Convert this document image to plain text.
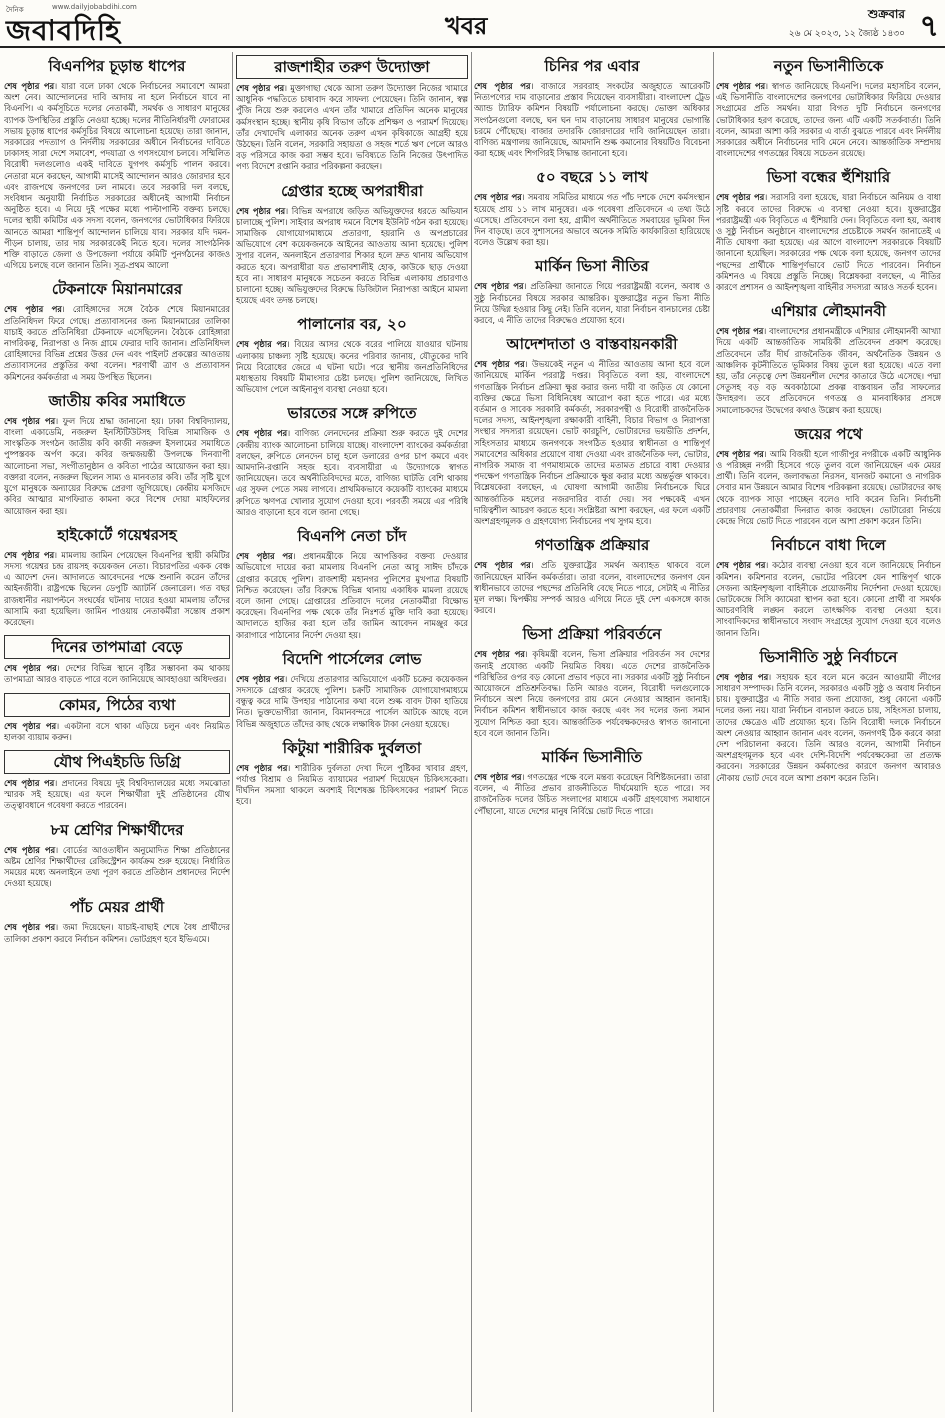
দৈনিক
জবাবদিহি
www.dailyjobabdihi.com
খবর	শুক্রবার
২৬ মে ২০২৩, ১২ জ্যৈষ্ঠ ১৪৩০ ৭
বিএনপির চূড়ান্ত ধাপের

শেষ পৃষ্ঠার পর। যারা বলে ঢাকা থেকে নির্বাচনের সমাবেশে আমরা অংশ নেব। আন্দোলনের দাবি আদায় না হলে নির্বাচনে যাবে না বিএনপি। এ কর্মসূচিতে দলের নেতাকর্মী, সমর্থক ও সাধারণ মানুষের ব্যাপক উপস্থিতির প্রস্তুতি নেওয়া হচ্ছে। দলের নীতিনির্ধারণী ফোরামের সভায় চূড়ান্ত ধাপের কর্মসূচির বিষয়ে আলোচনা হয়েছে। তারা জানান, সরকারের পদত্যাগ ও নির্দলীয় সরকারের অধীনে নির্বাচনের দাবিতে ঢাকাসহ সারা দেশে সমাবেশ, পদযাত্রা ও গণসংযোগ চলবে। সম্মিলিত বিরোধী দলগুলোও একই দাবিতে যুগপৎ কর্মসূচি পালন করবে। নেতারা মনে করছেন, আগামী মাসেই আন্দোলন আরও জোরদার হবে এবং রাজপথে জনগণের ঢল নামবে। তবে সরকারি দল বলছে, সংবিধান অনুযায়ী নির্বাচিত সরকারের অধীনেই আগামী নির্বাচন অনুষ্ঠিত হবে। এ নিয়ে দুই পক্ষের মধ্যে পাল্টাপাল্টি বক্তব্য চলছে। দলের স্থায়ী কমিটির এক সদস্য বলেন, জনগণের ভোটাধিকার ফিরিয়ে আনতে আমরা শান্তিপূর্ণ আন্দোলন চালিয়ে যাব। সরকার যদি দমন-পীড়ন চালায়, তার দায় সরকারকেই নিতে হবে। দলের সাংগঠনিক শক্তি বাড়াতে জেলা ও উপজেলা পর্যায়ে কমিটি পুনর্গঠনের কাজও এগিয়ে চলছে বলে জানান তিনি। সূত্র-প্রথম আলো

টেকনাফে মিয়ানমারের

শেষ পৃষ্ঠার পর। রোহিঙ্গাদের সঙ্গে বৈঠক শেষে মিয়ানমারের প্রতিনিধিদল ফিরে গেছে। প্রত্যাবাসনের জন্য মিয়ানমারের তালিকা যাচাই করতে প্রতিনিধিরা টেকনাফে এসেছিলেন। বৈঠকে রোহিঙ্গারা নাগরিকত্ব, নিরাপত্তা ও নিজ গ্রামে ফেরার দাবি জানান। প্রতিনিধিদল রোহিঙ্গাদের বিভিন্ন প্রশ্নের উত্তর দেন এবং পাইলট প্রকল্পের আওতায় প্রত্যাবাসনের প্রস্তুতির কথা বলেন। শরণার্থী ত্রাণ ও প্রত্যাবাসন কমিশনের কর্মকর্তারা এ সময় উপস্থিত ছিলেন।

জাতীয় কবির সমাধিতে

শেষ পৃষ্ঠার পর। ফুল দিয়ে শ্রদ্ধা জানানো হয়। ঢাকা বিশ্ববিদ্যালয়, বাংলা একাডেমি, নজরুল ইনস্টিটিউটসহ বিভিন্ন সামাজিক ও সাংস্কৃতিক সংগঠন জাতীয় কবি কাজী নজরুল ইসলামের সমাধিতে পুষ্পস্তবক অর্পণ করে। কবির জন্মজয়ন্তী উপলক্ষে দিনব্যাপী আলোচনা সভা, সংগীতানুষ্ঠান ও কবিতা পাঠের আয়োজন করা হয়। বক্তারা বলেন, নজরুল ছিলেন সাম্য ও মানবতার কবি। তাঁর সৃষ্টি যুগে যুগে মানুষকে অন্যায়ের বিরুদ্ধে প্রেরণা জুগিয়েছে। কেন্দ্রীয় মসজিদে কবির আত্মার মাগফিরাত কামনা করে বিশেষ দোয়া মাহফিলের আয়োজন করা হয়।

হাইকোর্টে গয়েশ্বরসহ

শেষ পৃষ্ঠার পর। মামলায় জামিন পেয়েছেন বিএনপির স্থায়ী কমিটির সদস্য গয়েশ্বর চন্দ্র রায়সহ কয়েকজন নেতা। বিচারপতির একক বেঞ্চ এ আদেশ দেন। আদালতে আবেদনের পক্ষে শুনানি করেন তাঁদের আইনজীবী। রাষ্ট্রপক্ষে ছিলেন ডেপুটি অ্যাটর্নি জেনারেল। গত বছর রাজধানীর নয়াপল্টনে সংঘর্ষের ঘটনায় দায়ের হওয়া মামলায় তাঁদের আসামি করা হয়েছিল। জামিন পাওয়ায় নেতাকর্মীরা সন্তোষ প্রকাশ করেছেন।

দিনের তাপমাত্রা বেড়ে

শেষ পৃষ্ঠার পর। দেশের বিভিন্ন স্থানে বৃষ্টির সম্ভাবনা কম থাকায় তাপমাত্রা আরও বাড়তে পারে বলে জানিয়েছে আবহাওয়া অধিদপ্তর।

কোমর, পিঠের ব্যথা

শেষ পৃষ্ঠার পর। একটানা বসে থাকা এড়িয়ে চলুন এবং নিয়মিত হালকা ব্যায়াম করুন।

যৌথ পিএইচডি ডিগ্রি

শেষ পৃষ্ঠার পর। প্রদানের বিষয়ে দুই বিশ্ববিদ্যালয়ের মধ্যে সমঝোতা স্মারক সই হয়েছে। এর ফলে শিক্ষার্থীরা দুই প্রতিষ্ঠানের যৌথ তত্ত্বাবধানে গবেষণা করতে পারবেন।

৮ম শ্রেণির শিক্ষার্থীদের

শেষ পৃষ্ঠার পর। বোর্ডের আওতাধীন অনুমোদিত শিক্ষা প্রতিষ্ঠানের অষ্টম শ্রেণির শিক্ষার্থীদের রেজিস্ট্রেশন কার্যক্রম শুরু হয়েছে। নির্ধারিত সময়ের মধ্যে অনলাইনে তথ্য পূরণ করতে প্রতিষ্ঠান প্রধানদের নির্দেশ দেওয়া হয়েছে।

পাঁচ মেয়র প্রার্থী

শেষ পৃষ্ঠার পর। জমা দিয়েছেন। যাচাই-বাছাই শেষে বৈধ প্রার্থীদের তালিকা প্রকাশ করবে নির্বাচন কমিশন। ভোটগ্রহণ হবে ইভিএমে।

রাজশাহীর তরুণ উদ্যোক্তা

শেষ পৃষ্ঠার পর। মুক্তাগাছা থেকে আসা তরুণ উদ্যোক্তা নিজের খামারে আধুনিক পদ্ধতিতে চাষাবাদ করে সাফল্য পেয়েছেন। তিনি জানান, স্বল্প পুঁজি নিয়ে শুরু করলেও এখন তাঁর খামারে প্রতিদিন অনেক মানুষের কর্মসংস্থান হচ্ছে। স্থানীয় কৃষি বিভাগ তাঁকে প্রশিক্ষণ ও পরামর্শ দিয়েছে। তাঁর দেখাদেখি এলাকার অনেক তরুণ এখন কৃষিকাজে আগ্রহী হয়ে উঠছেন। তিনি বলেন, সরকারি সহায়তা ও সহজ শর্তে ঋণ পেলে আরও বড় পরিসরে কাজ করা সম্ভব হবে। ভবিষ্যতে তিনি নিজের উৎপাদিত পণ্য বিদেশে রপ্তানি করার পরিকল্পনা করছেন।

গ্রেপ্তার হচ্ছে অপরাধীরা

শেষ পৃষ্ঠার পর। বিভিন্ন অপরাধে জড়িত অভিযুক্তদের ধরতে অভিযান চালাচ্ছে পুলিশ। সাইবার অপরাধ দমনে বিশেষ ইউনিট গঠন করা হয়েছে। সামাজিক যোগাযোগমাধ্যমে প্রতারণা, হয়রানি ও অপপ্রচারের অভিযোগে বেশ কয়েকজনকে আইনের আওতায় আনা হয়েছে। পুলিশ সুপার বলেন, অনলাইনে প্রতারণার শিকার হলে দ্রুত থানায় অভিযোগ করতে হবে। অপরাধীরা যত প্রভাবশালীই হোক, কাউকে ছাড় দেওয়া হবে না। সাধারণ মানুষকে সচেতন করতে বিভিন্ন এলাকায় প্রচারণাও চালানো হচ্ছে। অভিযুক্তদের বিরুদ্ধে ডিজিটাল নিরাপত্তা আইনে মামলা হয়েছে এবং তদন্ত চলছে।

পালানোর বর, ২০

শেষ পৃষ্ঠার পর। বিয়ের আসর থেকে বরের পালিয়ে যাওয়ার ঘটনায় এলাকায় চাঞ্চল্য সৃষ্টি হয়েছে। কনের পরিবার জানায়, যৌতুকের দাবি নিয়ে বিরোধের জেরে এ ঘটনা ঘটে। পরে স্থানীয় জনপ্রতিনিধিদের মধ্যস্থতায় বিষয়টি মীমাংসার চেষ্টা চলছে। পুলিশ জানিয়েছে, লিখিত অভিযোগ পেলে আইনানুগ ব্যবস্থা নেওয়া হবে।

ভারতের সঙ্গে রুপিতে

শেষ পৃষ্ঠার পর। বাণিজ্য লেনদেনের প্রক্রিয়া শুরু করতে দুই দেশের কেন্দ্রীয় ব্যাংক আলোচনা চালিয়ে যাচ্ছে। বাংলাদেশ ব্যাংকের কর্মকর্তারা বলছেন, রুপিতে লেনদেন চালু হলে ডলারের ওপর চাপ কমবে এবং আমদানি-রপ্তানি সহজ হবে। ব্যবসায়ীরা এ উদ্যোগকে স্বাগত জানিয়েছেন। তবে অর্থনীতিবিদদের মতে, বাণিজ্য ঘাটতি বেশি থাকায় এর সুফল পেতে সময় লাগবে। প্রাথমিকভাবে কয়েকটি ব্যাংকের মাধ্যমে রুপিতে ঋণপত্র খোলার সুযোগ দেওয়া হবে। পরবর্তী সময়ে এর পরিধি আরও বাড়ানো হবে বলে জানা গেছে।

বিএনপি নেতা চাঁদ

শেষ পৃষ্ঠার পর। প্রধানমন্ত্রীকে নিয়ে আপত্তিকর বক্তব্য দেওয়ার অভিযোগে দায়ের করা মামলায় বিএনপি নেতা আবু সাঈদ চাঁদকে গ্রেপ্তার করেছে পুলিশ। রাজশাহী মহানগর পুলিশের মুখপাত্র বিষয়টি নিশ্চিত করেছেন। তাঁর বিরুদ্ধে বিভিন্ন থানায় একাধিক মামলা রয়েছে বলে জানা গেছে। গ্রেপ্তারের প্রতিবাদে দলের নেতাকর্মীরা বিক্ষোভ করেছেন। বিএনপির পক্ষ থেকে তাঁর নিঃশর্ত মুক্তি দাবি করা হয়েছে। আদালতে হাজির করা হলে তাঁর জামিন আবেদন নামঞ্জুর করে কারাগারে পাঠানোর নির্দেশ দেওয়া হয়।

বিদেশি পার্সেলের লোভ

শেষ পৃষ্ঠার পর। দেখিয়ে প্রতারণার অভিযোগে একটি চক্রের কয়েকজন সদস্যকে গ্রেপ্তার করেছে পুলিশ। চক্রটি সামাজিক যোগাযোগমাধ্যমে বন্ধুত্ব করে দামি উপহার পাঠানোর কথা বলে শুল্ক বাবদ টাকা হাতিয়ে নিত। ভুক্তভোগীরা জানান, বিমানবন্দরে পার্সেল আটকে আছে বলে বিভিন্ন অজুহাতে তাঁদের কাছ থেকে লক্ষাধিক টাকা নেওয়া হয়েছে।

কিটুয়া শারীরিক দুর্বলতা

শেষ পৃষ্ঠার পর। শারীরিক দুর্বলতা দেখা দিলে পুষ্টিকর খাবার গ্রহণ, পর্যাপ্ত বিশ্রাম ও নিয়মিত ব্যায়ামের পরামর্শ দিয়েছেন চিকিৎসকেরা। দীর্ঘদিন সমস্যা থাকলে অবশ্যই বিশেষজ্ঞ চিকিৎসকের পরামর্শ নিতে হবে।

চিনির পর এবার

শেষ পৃষ্ঠার পর। বাজারে সরবরাহ সংকটের অজুহাতে আরেকটি নিত্যপণ্যের দাম বাড়ানোর প্রস্তাব দিয়েছেন ব্যবসায়ীরা। বাংলাদেশ ট্রেড অ্যান্ড ট্যারিফ কমিশন বিষয়টি পর্যালোচনা করছে। ভোক্তা অধিকার সংগঠনগুলো বলছে, ঘন ঘন দাম বাড়ানোয় সাধারণ মানুষের ভোগান্তি চরমে পৌঁছেছে। বাজার তদারকি জোরদারের দাবি জানিয়েছেন তারা। বাণিজ্য মন্ত্রণালয় জানিয়েছে, আমদানি শুল্ক কমানোর বিষয়টিও বিবেচনা করা হচ্ছে এবং শিগগিরই সিদ্ধান্ত জানানো হবে।

৫০ বছরে ১১ লাখ

শেষ পৃষ্ঠার পর। সমবায় সমিতির মাধ্যমে গত পাঁচ দশকে দেশে কর্মসংস্থান হয়েছে প্রায় ১১ লাখ মানুষের। এক গবেষণা প্রতিবেদনে এ তথ্য উঠে এসেছে। প্রতিবেদনে বলা হয়, গ্রামীণ অর্থনীতিতে সমবায়ের ভূমিকা দিন দিন বাড়ছে। তবে সুশাসনের অভাবে অনেক সমিতি কার্যকারিতা হারিয়েছে বলেও উল্লেখ করা হয়।

মার্কিন ভিসা নীতির

শেষ পৃষ্ঠার পর। প্রতিক্রিয়া জানাতে গিয়ে পররাষ্ট্রমন্ত্রী বলেন, অবাধ ও সুষ্ঠু নির্বাচনের বিষয়ে সরকার আন্তরিক। যুক্তরাষ্ট্রের নতুন ভিসা নীতি নিয়ে উদ্বিগ্ন হওয়ার কিছু নেই। তিনি বলেন, যারা নির্বাচন বানচালের চেষ্টা করবে, এ নীতি তাদের বিরুদ্ধেও প্রযোজ্য হবে।

আদেশদাতা ও বাস্তবায়নকারী

শেষ পৃষ্ঠার পর। উভয়কেই নতুন এ নীতির আওতায় আনা হবে বলে জানিয়েছে মার্কিন পররাষ্ট্র দপ্তর। বিবৃতিতে বলা হয়, বাংলাদেশে গণতান্ত্রিক নির্বাচন প্রক্রিয়া ক্ষুণ্ণ করার জন্য দায়ী বা জড়িত যে কোনো ব্যক্তির ক্ষেত্রে ভিসা বিধিনিষেধ আরোপ করা হতে পারে। এর মধ্যে বর্তমান ও সাবেক সরকারি কর্মকর্তা, সরকারপন্থী ও বিরোধী রাজনৈতিক দলের সদস্য, আইনশৃঙ্খলা রক্ষাকারী বাহিনী, বিচার বিভাগ ও নিরাপত্তা সংস্থার সদস্যরা রয়েছেন। ভোট কারচুপি, ভোটারদের ভয়ভীতি প্রদর্শন, সহিংসতার মাধ্যমে জনগণকে সংগঠিত হওয়ার স্বাধীনতা ও শান্তিপূর্ণ সমাবেশের অধিকার প্রয়োগে বাধা দেওয়া এবং রাজনৈতিক দল, ভোটার, নাগরিক সমাজ বা গণমাধ্যমকে তাদের মতামত প্রচারে বাধা দেওয়ার পদক্ষেপ গণতান্ত্রিক নির্বাচন প্রক্রিয়াকে ক্ষুণ্ণ করার মধ্যে অন্তর্ভুক্ত থাকবে। বিশ্লেষকেরা বলছেন, এ ঘোষণা আগামী জাতীয় নির্বাচনকে ঘিরে আন্তর্জাতিক মহলের নজরদারির বার্তা দেয়। সব পক্ষকেই এখন দায়িত্বশীল আচরণ করতে হবে। সংশ্লিষ্টরা আশা করছেন, এর ফলে একটি অংশগ্রহণমূলক ও গ্রহণযোগ্য নির্বাচনের পথ সুগম হবে।

গণতান্ত্রিক প্রক্রিয়ার

শেষ পৃষ্ঠার পর। প্রতি যুক্তরাষ্ট্রের সমর্থন অব্যাহত থাকবে বলে জানিয়েছেন মার্কিন কর্মকর্তারা। তারা বলেন, বাংলাদেশের জনগণ যেন স্বাধীনভাবে তাদের পছন্দের প্রতিনিধি বেছে নিতে পারে, সেটাই এ নীতির মূল লক্ষ্য। দ্বিপক্ষীয় সম্পর্ক আরও এগিয়ে নিতে দুই দেশ একসঙ্গে কাজ করবে।

ভিসা প্রক্রিয়া পরিবর্তনে

শেষ পৃষ্ঠার পর। কৃষিমন্ত্রী বলেন, ভিসা প্রক্রিয়ার পরিবর্তন সব দেশের জন্যই প্রযোজ্য একটি নিয়মিত বিষয়। এতে দেশের রাজনৈতিক পরিস্থিতির ওপর বড় কোনো প্রভাব পড়বে না। সরকার একটি সুষ্ঠু নির্বাচন আয়োজনে প্রতিশ্রুতিবদ্ধ। তিনি আরও বলেন, বিরোধী দলগুলোকে নির্বাচনে অংশ নিয়ে জনগণের রায় মেনে নেওয়ার আহ্বান জানাই। নির্বাচন কমিশন স্বাধীনভাবে কাজ করছে এবং সব দলের জন্য সমান সুযোগ নিশ্চিত করা হবে। আন্তর্জাতিক পর্যবেক্ষকদেরও স্বাগত জানানো হবে বলে জানান তিনি।

মার্কিন ভিসানীতি

শেষ পৃষ্ঠার পর। গণতন্ত্রের পক্ষে বলে মন্তব্য করেছেন বিশিষ্টজনেরা। তারা বলেন, এ নীতির প্রভাব রাজনীতিতে দীর্ঘমেয়াদি হতে পারে। সব রাজনৈতিক দলের উচিত সংলাপের মাধ্যমে একটি গ্রহণযোগ্য সমাধানে পৌঁছানো, যাতে দেশের মানুষ নির্বিঘ্নে ভোট দিতে পারে।

নতুন ভিসানীতিকে

শেষ পৃষ্ঠার পর। স্বাগত জানিয়েছে বিএনপি। দলের মহাসচিব বলেন, এই ভিসানীতি বাংলাদেশের জনগণের ভোটাধিকার ফিরিয়ে দেওয়ার সংগ্রামের প্রতি সমর্থন। যারা বিগত দুটি নির্বাচনে জনগণের ভোটাধিকার হরণ করেছে, তাদের জন্য এটি একটি সতর্কবার্তা। তিনি বলেন, আমরা আশা করি সরকার এ বার্তা বুঝতে পারবে এবং নির্দলীয় সরকারের অধীনে নির্বাচনের দাবি মেনে নেবে। আন্তর্জাতিক সম্প্রদায় বাংলাদেশের গণতন্ত্রের বিষয়ে সচেতন রয়েছে।

ভিসা বন্ধের হুঁশিয়ারি

শেষ পৃষ্ঠার পর। সরাসরি বলা হয়েছে, যারা নির্বাচনে অনিয়ম ও বাধা সৃষ্টি করবে তাদের বিরুদ্ধে এ ব্যবস্থা নেওয়া হবে। যুক্তরাষ্ট্রের পররাষ্ট্রমন্ত্রী এক বিবৃতিতে এ হুঁশিয়ারি দেন। বিবৃতিতে বলা হয়, অবাধ ও সুষ্ঠু নির্বাচন অনুষ্ঠানে বাংলাদেশের প্রচেষ্টাকে সমর্থন জানাতেই এ নীতি ঘোষণা করা হয়েছে। এর আগে বাংলাদেশ সরকারকে বিষয়টি জানানো হয়েছিল। সরকারের পক্ষ থেকে বলা হয়েছে, জনগণ তাদের পছন্দের প্রার্থীকে শান্তিপূর্ণভাবে ভোট দিতে পারবেন। নির্বাচন কমিশনও এ বিষয়ে প্রস্তুতি নিচ্ছে। বিশ্লেষকরা বলছেন, এ নীতির কারণে প্রশাসন ও আইনশৃঙ্খলা বাহিনীর সদস্যরা আরও সতর্ক হবেন।

এশিয়ার লৌহমানবী

শেষ পৃষ্ঠার পর। বাংলাদেশের প্রধানমন্ত্রীকে এশিয়ার লৌহমানবী আখ্যা দিয়ে একটি আন্তর্জাতিক সাময়িকী প্রতিবেদন প্রকাশ করেছে। প্রতিবেদনে তাঁর দীর্ঘ রাজনৈতিক জীবন, অর্থনৈতিক উন্নয়ন ও আঞ্চলিক কূটনীতিতে ভূমিকার বিষয় তুলে ধরা হয়েছে। এতে বলা হয়, তাঁর নেতৃত্বে দেশ উন্নয়নশীল দেশের কাতারে উঠে এসেছে। পদ্মা সেতুসহ বড় বড় অবকাঠামো প্রকল্প বাস্তবায়ন তাঁর সাফল্যের উদাহরণ। তবে প্রতিবেদনে গণতন্ত্র ও মানবাধিকার প্রসঙ্গে সমালোচকদের উদ্বেগের কথাও উল্লেখ করা হয়েছে।

জয়ের পথে

শেষ পৃষ্ঠার পর। আমি বিজয়ী হলে গাজীপুর নগরীকে একটি আধুনিক ও পরিচ্ছন্ন নগরী হিসেবে গড়ে তুলব বলে জানিয়েছেন এক মেয়র প্রার্থী। তিনি বলেন, জলাবদ্ধতা নিরসন, যানজট কমানো ও নাগরিক সেবার মান উন্নয়নে আমার বিশেষ পরিকল্পনা রয়েছে। ভোটারদের কাছ থেকে ব্যাপক সাড়া পাচ্ছেন বলেও দাবি করেন তিনি। নির্বাচনী প্রচারণায় নেতাকর্মীরা দিনরাত কাজ করছেন। ভোটারেরা নির্ভয়ে কেন্দ্রে গিয়ে ভোট দিতে পারবেন বলে আশা প্রকাশ করেন তিনি।

নির্বাচনে বাধা দিলে

শেষ পৃষ্ঠার পর। কঠোর ব্যবস্থা নেওয়া হবে বলে জানিয়েছে নির্বাচন কমিশন। কমিশনার বলেন, ভোটের পরিবেশ যেন শান্তিপূর্ণ থাকে সেজন্য আইনশৃঙ্খলা বাহিনীকে প্রয়োজনীয় নির্দেশনা দেওয়া হয়েছে। ভোটকেন্দ্রে সিসি ক্যামেরা স্থাপন করা হবে। কোনো প্রার্থী বা সমর্থক আচরণবিধি লঙ্ঘন করলে তাৎক্ষণিক ব্যবস্থা নেওয়া হবে। সাংবাদিকদের স্বাধীনভাবে সংবাদ সংগ্রহের সুযোগ দেওয়া হবে বলেও জানান তিনি।

ভিসানীতি সুষ্ঠু নির্বাচনে

শেষ পৃষ্ঠার পর। সহায়ক হবে বলে মনে করেন আওয়ামী লীগের সাধারণ সম্পাদক। তিনি বলেন, সরকারও একটি সুষ্ঠু ও অবাধ নির্বাচন চায়। যুক্তরাষ্ট্রের এ নীতি সবার জন্য প্রযোজ্য, শুধু কোনো একটি দলের জন্য নয়। যারা নির্বাচন বানচাল করতে চায়, সহিংসতা চালায়, তাদের ক্ষেত্রেও এটি প্রযোজ্য হবে। তিনি বিরোধী দলকে নির্বাচনে অংশ নেওয়ার আহ্বান জানান এবং বলেন, জনগণই ঠিক করবে কারা দেশ পরিচালনা করবে। তিনি আরও বলেন, আগামী নির্বাচন অংশগ্রহণমূলক হবে এবং দেশি-বিদেশি পর্যবেক্ষকেরা তা প্রত্যক্ষ করবেন। সরকারের উন্নয়ন কর্মকাণ্ডের কারণে জনগণ আবারও নৌকায় ভোট দেবে বলে আশা প্রকাশ করেন তিনি।
